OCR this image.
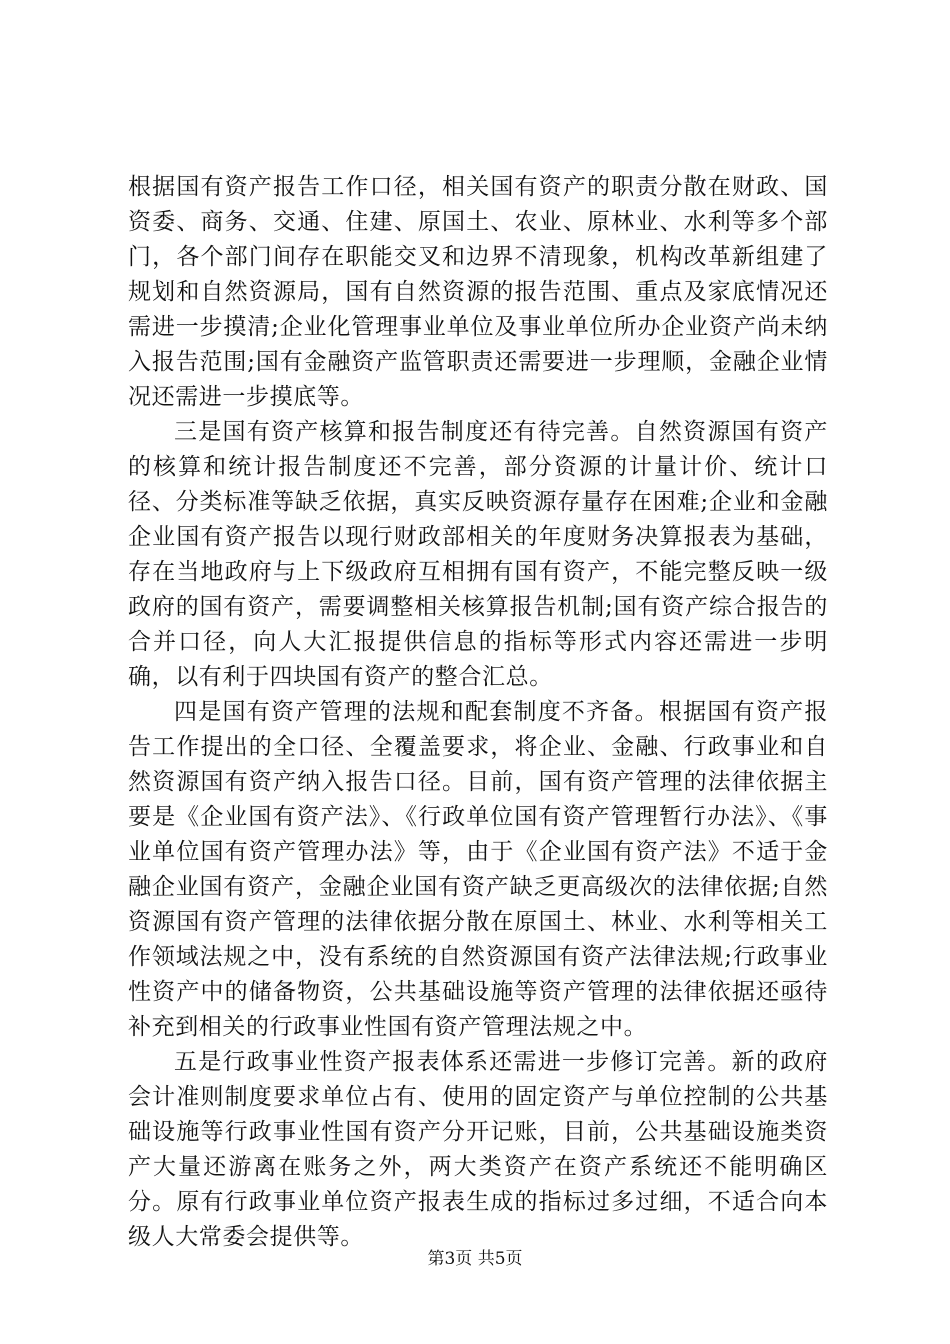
根据国有资产报告工作口径，相关国有资产的职责分散在财政、国资委、商务、交通、住建、原国土、农业、原林业、水利等多个部门，各个部门间存在职能交叉和边界不清现象，机构改革新组建了规划和自然资源局，国有自然资源的报告范围、重点及家底情况还需进一步摸清;企业化管理事业单位及事业单位所办企业资产尚未纳入报告范围;国有金融资产监管职责还需要进一步理顺，金融企业情况还需进一步摸底等。

三是国有资产核算和报告制度还有待完善。自然资源国有资产的核算和统计报告制度还不完善，部分资源的计量计价、统计口径、分类标准等缺乏依据，真实反映资源存量存在困难;企业和金融企业国有资产报告以现行财政部相关的年度财务决算报表为基础，存在当地政府与上下级政府互相拥有国有资产，不能完整反映一级政府的国有资产，需要调整相关核算报告机制;国有资产综合报告的合并口径，向人大汇报提供信息的指标等形式内容还需进一步明确，以有利于四块国有资产的整合汇总。

四是国有资产管理的法规和配套制度不齐备。根据国有资产报告工作提出的全口径、全覆盖要求，将企业、金融、行政事业和自然资源国有资产纳入报告口径。目前，国有资产管理的法律依据主要是《企业国有资产法》、《行政单位国有资产管理暂行办法》、《事业单位国有资产管理办法》等，由于《企业国有资产法》不适于金融企业国有资产，金融企业国有资产缺乏更高级次的法律依据;自然资源国有资产管理的法律依据分散在原国土、林业、水利等相关工作领域法规之中，没有系统的自然资源国有资产法律法规;行政事业性资产中的储备物资，公共基础设施等资产管理的法律依据还亟待补充到相关的行政事业性国有资产管理法规之中。

五是行政事业性资产报表体系还需进一步修订完善。新的政府会计准则制度要求单位占有、使用的固定资产与单位控制的公共基础设施等行政事业性国有资产分开记账，目前，公共基础设施类资产大量还游离在账务之外，两大类资产在资产系统还不能明确区分。原有行政事业单位资产报表生成的指标过多过细，不适合向本级人大常委会提供等。

第3页 共5页
